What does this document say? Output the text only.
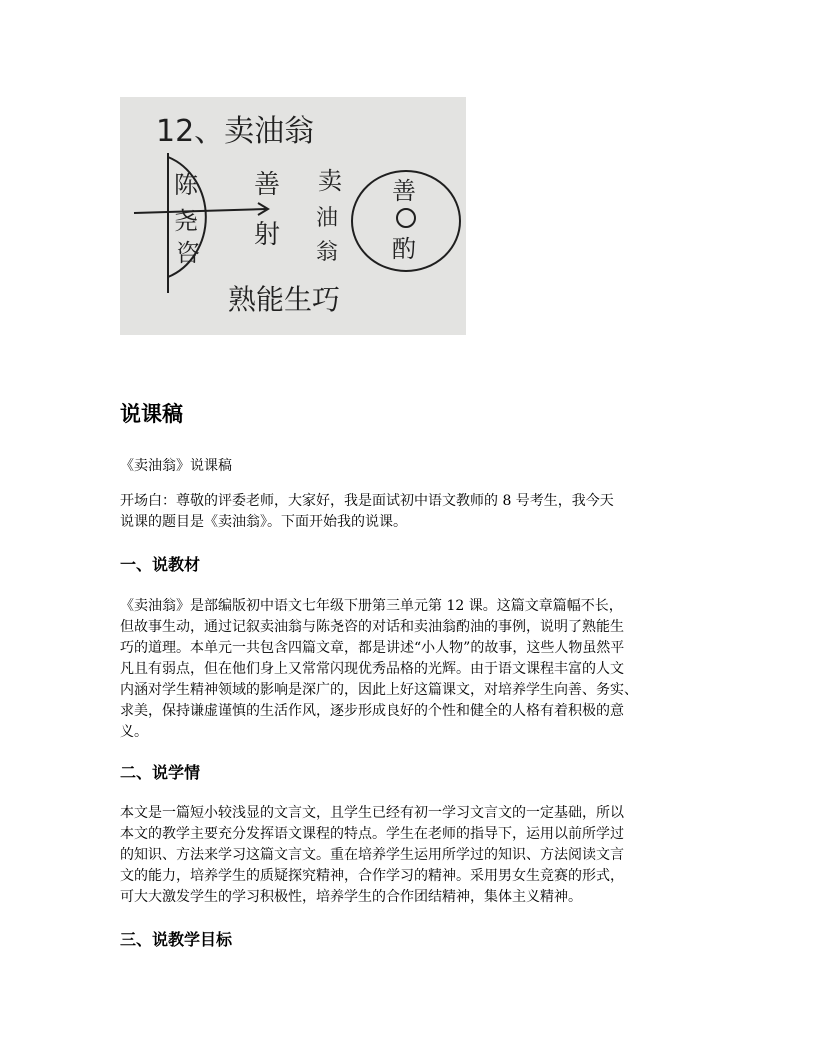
12、卖油翁
陈
尧
咨
善
射
卖
油
翁
善
酌
熟能生巧
说课稿

《卖油翁》说课稿

开场白：尊敬的评委老师，大家好，我是面试初中语文教师的 8 号考生，我今天
说课的题目是《卖油翁》。下面开始我的说课。

一、说教材

《卖油翁》是部编版初中语文七年级下册第三单元第 12 课。这篇文章篇幅不长，
但故事生动，通过记叙卖油翁与陈尧咨的对话和卖油翁酌油的事例，说明了熟能生
巧的道理。本单元一共包含四篇文章，都是讲述“小人物”的故事，这些人物虽然平
凡且有弱点，但在他们身上又常常闪现优秀品格的光辉。由于语文课程丰富的人文
内涵对学生精神领域的影响是深广的，因此上好这篇课文，对培养学生向善、务实、
求美，保持谦虚谨慎的生活作风，逐步形成良好的个性和健全的人格有着积极的意
义。

二、说学情

本文是一篇短小较浅显的文言文，且学生已经有初一学习文言文的一定基础，所以
本文的教学主要充分发挥语文课程的特点。学生在老师的指导下，运用以前所学过
的知识、方法来学习这篇文言文。重在培养学生运用所学过的知识、方法阅读文言
文的能力，培养学生的质疑探究精神，合作学习的精神。采用男女生竞赛的形式，
可大大激发学生的学习积极性，培养学生的合作团结精神，集体主义精神。

三、说教学目标
